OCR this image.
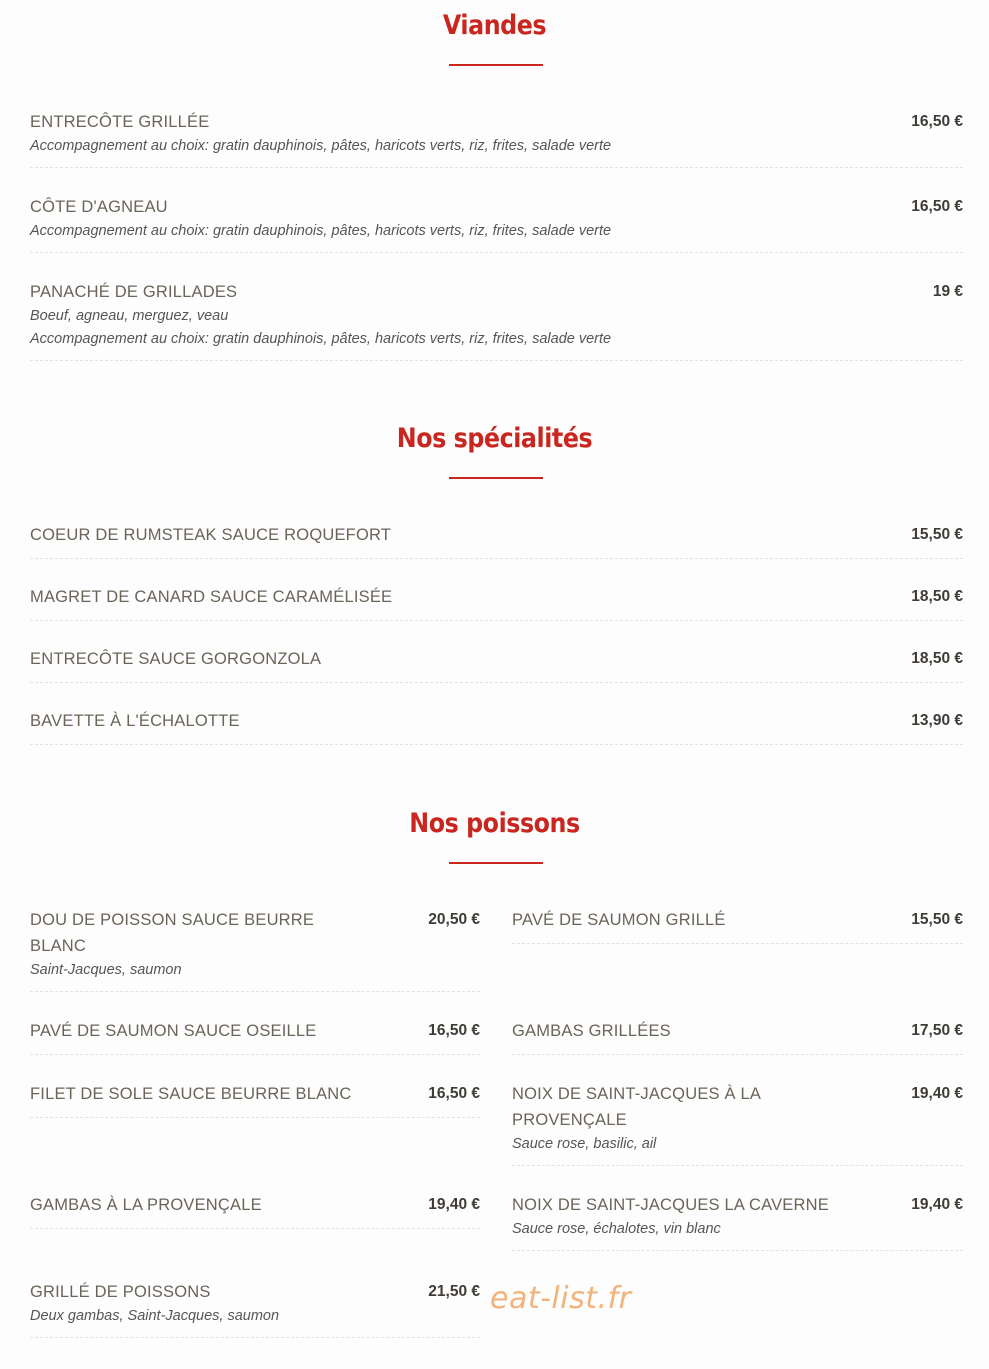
Viandes
ENTRECÔTE GRILLÉE
Accompagnement au choix: gratin dauphinois, pâtes, haricots verts, riz, frites, salade verte
16,50 €
CÔTE D'AGNEAU
Accompagnement au choix: gratin dauphinois, pâtes, haricots verts, riz, frites, salade verte
16,50 €
PANACHÉ DE GRILLADES
Boeuf, agneau, merguez, veau
Accompagnement au choix: gratin dauphinois, pâtes, haricots verts, riz, frites, salade verte
19 €
Nos spécialités
COEUR DE RUMSTEAK SAUCE ROQUEFORT	15,50 €
MAGRET DE CANARD SAUCE CARAMÉLISÉE	18,50 €
ENTRECÔTE SAUCE GORGONZOLA	18,50 €
BAVETTE À L'ÉCHALOTTE	13,90 €
Nos poissons
DOU DE POISSON SAUCE BEURRE BLANC
Saint-Jacques, saumon
20,50 €
PAVÉ DE SAUMON SAUCE OSEILLE	16,50 €
FILET DE SOLE SAUCE BEURRE BLANC	16,50 €
GAMBAS À LA PROVENÇALE	19,40 €
GRILLÉ DE POISSONS
Deux gambas, Saint-Jacques, saumon
21,50 €
PAVÉ DE SAUMON GRILLÉ	15,50 €
GAMBAS GRILLÉES	17,50 €
NOIX DE SAINT-JACQUES À LA PROVENÇALE
Sauce rose, basilic, ail
19,40 €
NOIX DE SAINT-JACQUES LA CAVERNE
Sauce rose, échalotes, vin blanc
19,40 €
eat-list.fr
